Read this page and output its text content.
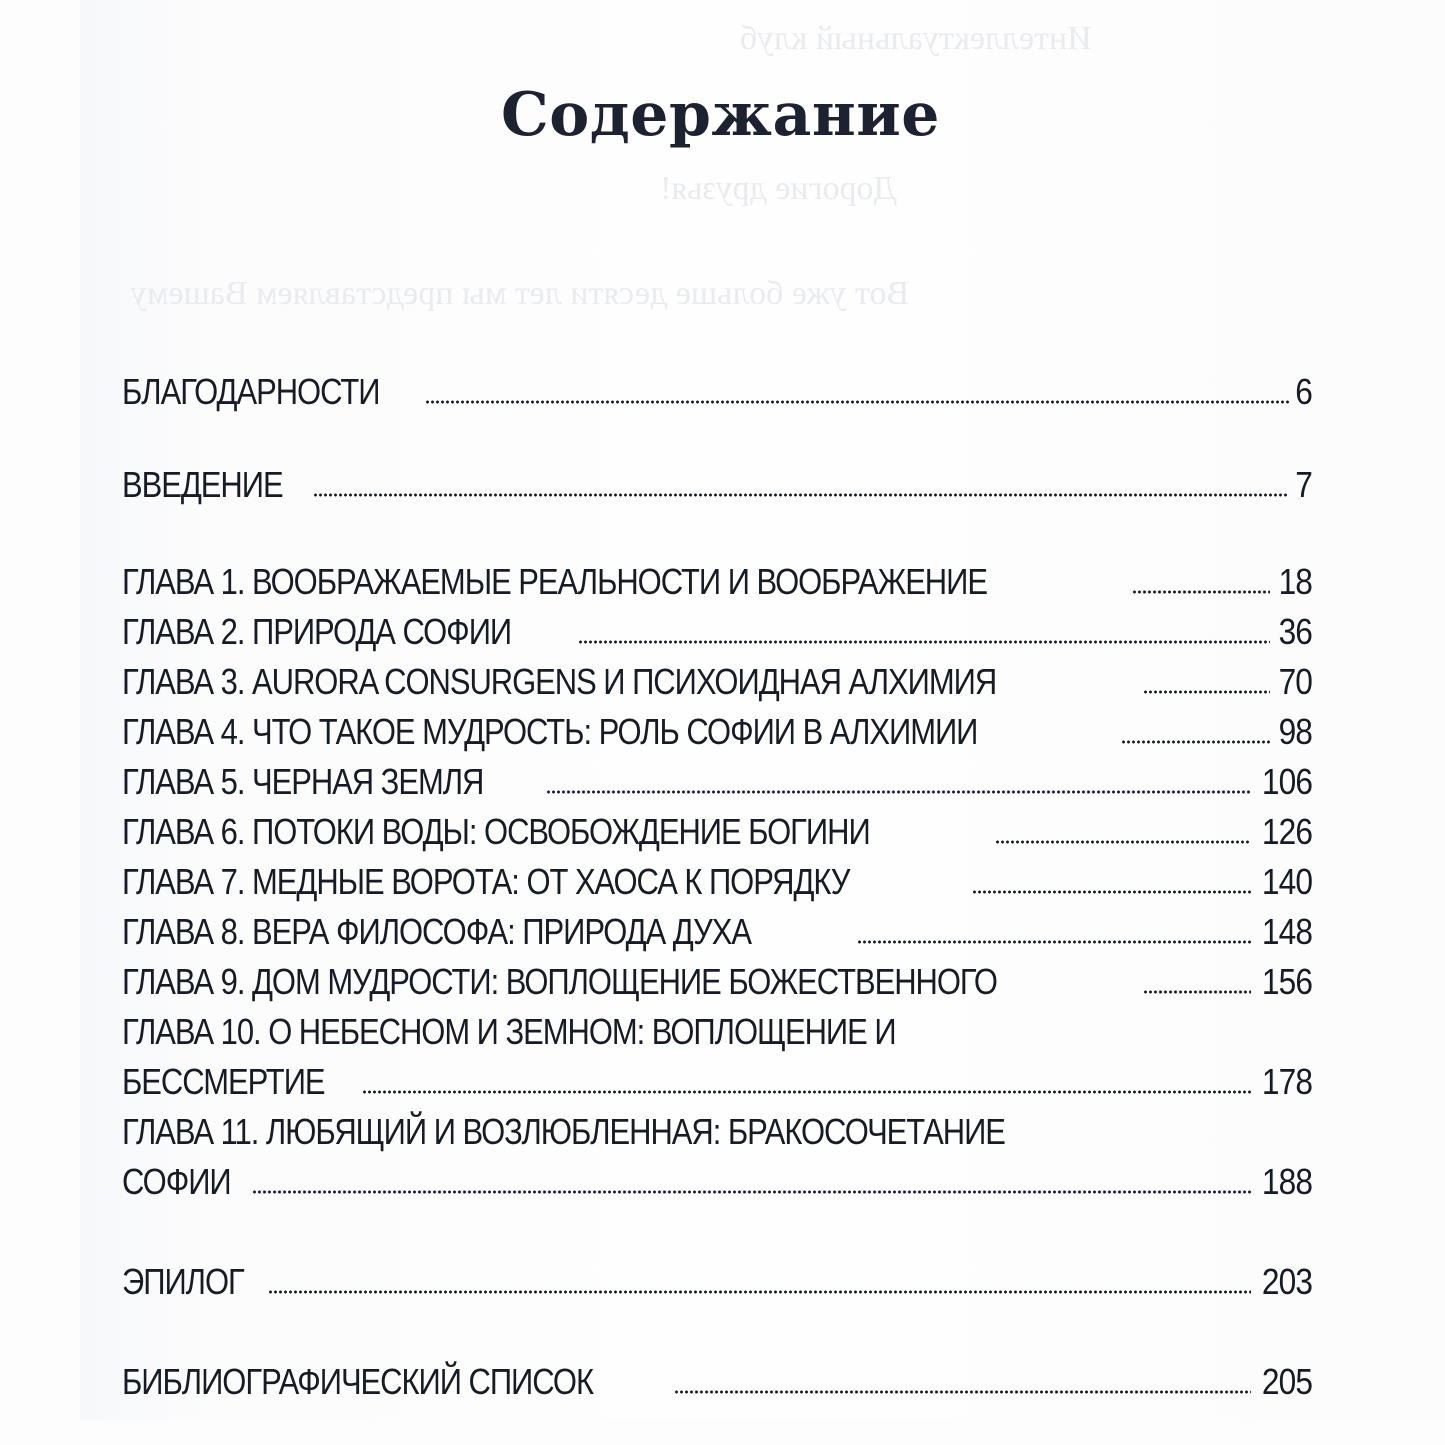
Интеллектуальный клуб
Дорогие друзья!
Вот уже больше десяти лет мы представляем Вашему
Содержание
БЛАГОДАРНОСТИ	6
ВВЕДЕНИЕ	7
ГЛАВА 1. ВООБРАЖАЕМЫЕ РЕАЛЬНОСТИ И ВООБРАЖЕНИЕ	18
ГЛАВА 2. ПРИРОДА СОФИИ	36
ГЛАВА 3. AURORA CONSURGENS И ПСИХОИДНАЯ АЛХИМИЯ	70
ГЛАВА 4. ЧТО ТАКОЕ МУДРОСТЬ: РОЛЬ СОФИИ В АЛХИМИИ	98
ГЛАВА 5. ЧЕРНАЯ ЗЕМЛЯ	106
ГЛАВА 6. ПОТОКИ ВОДЫ: ОСВОБОЖДЕНИЕ БОГИНИ	126
ГЛАВА 7. МЕДНЫЕ ВОРОТА: ОТ ХАОСА К ПОРЯДКУ	140
ГЛАВА 8. ВЕРА ФИЛОСОФА: ПРИРОДА ДУХА	148
ГЛАВА 9. ДОМ МУДРОСТИ: ВОПЛОЩЕНИЕ БОЖЕСТВЕННОГО	156
ГЛАВА 10. О НЕБЕСНОМ И ЗЕМНОМ: ВОПЛОЩЕНИЕ И
БЕССМЕРТИЕ	178
ГЛАВА 11. ЛЮБЯЩИЙ И ВОЗЛЮБЛЕННАЯ: БРАКОСОЧЕТАНИЕ
СОФИИ	188
ЭПИЛОГ	203
БИБЛИОГРАФИЧЕСКИЙ СПИСОК	205
